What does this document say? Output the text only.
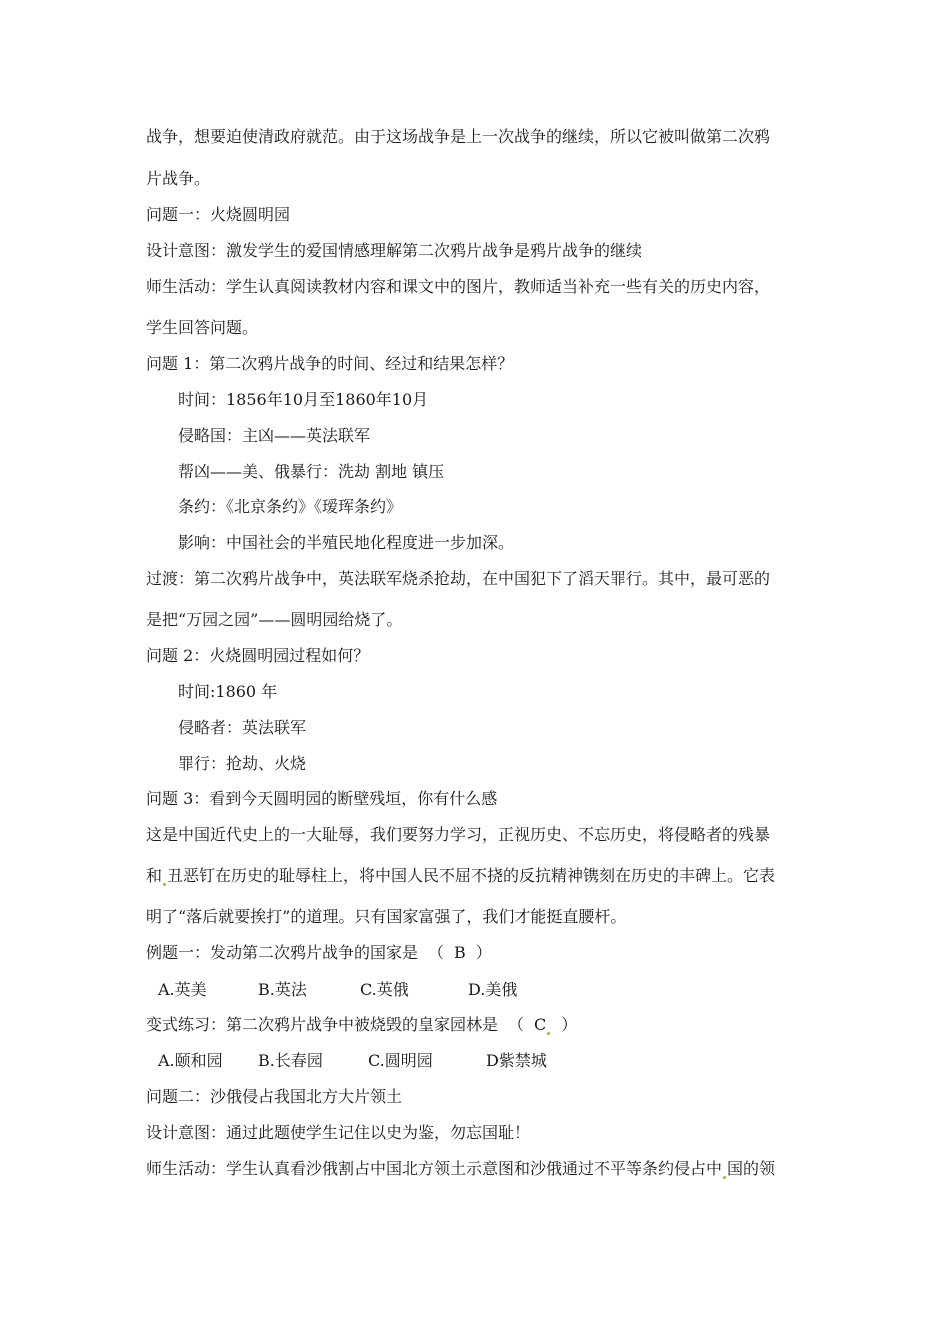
战争，想要迫使清政府就范。由于这场战争是上一次战争的继续，所以它被叫做第二次鸦
片战争。
问题一：火烧圆明园
设计意图：激发学生的爱国情感理解第二次鸦片战争是鸦片战争的继续
师生活动：学生认真阅读教材内容和课文中的图片，教师适当补充一些有关的历史内容，
学生回答问题。
问题 1：第二次鸦片战争的时间、经过和结果怎样？
时间：1856年10月至1860年10月
侵略国：主凶——英法联军
帮凶——美、俄暴行：洗劫 割地 镇压
条约：《北京条约》《瑷珲条约》
影响：中国社会的半殖民地化程度进一步加深。
过渡：第二次鸦片战争中，英法联军烧杀抢劫，在中国犯下了滔天罪行。其中，最可恶的
是把“万园之园”——圆明园给烧了。
问题 2：火烧圆明园过程如何？
时间:1860 年
侵略者：英法联军
罪行：抢劫、火烧
问题 3：看到今天圆明园的断壁残垣，你有什么感
这是中国近代史上的一大耻辱，我们要努力学习，正视历史、不忘历史，将侵略者的残暴
和 丑恶钉在历史的耻辱柱上，将中国人民不屈不挠的反抗精神镌刻在历史的丰碑上。它表
明了“落后就要挨打”的道理。只有国家富强了，我们才能挺直腰杆。
例题一：发动第二次鸦片战争的国家是 （ B ）
A.英美	B.英法	C.英俄	D.美俄
变式练习：第二次鸦片战争中被烧毁的皇家园林是 （ C ）
A.颐和园 B.长春园	C.圆明园	D紫禁城
问题二：沙俄侵占我国北方大片领土
设计意图：通过此题使学生记住以史为鉴，勿忘国耻！
师生活动：学生认真看沙俄割占中国北方领土示意图和沙俄通过不平等条约侵占中 国的领
